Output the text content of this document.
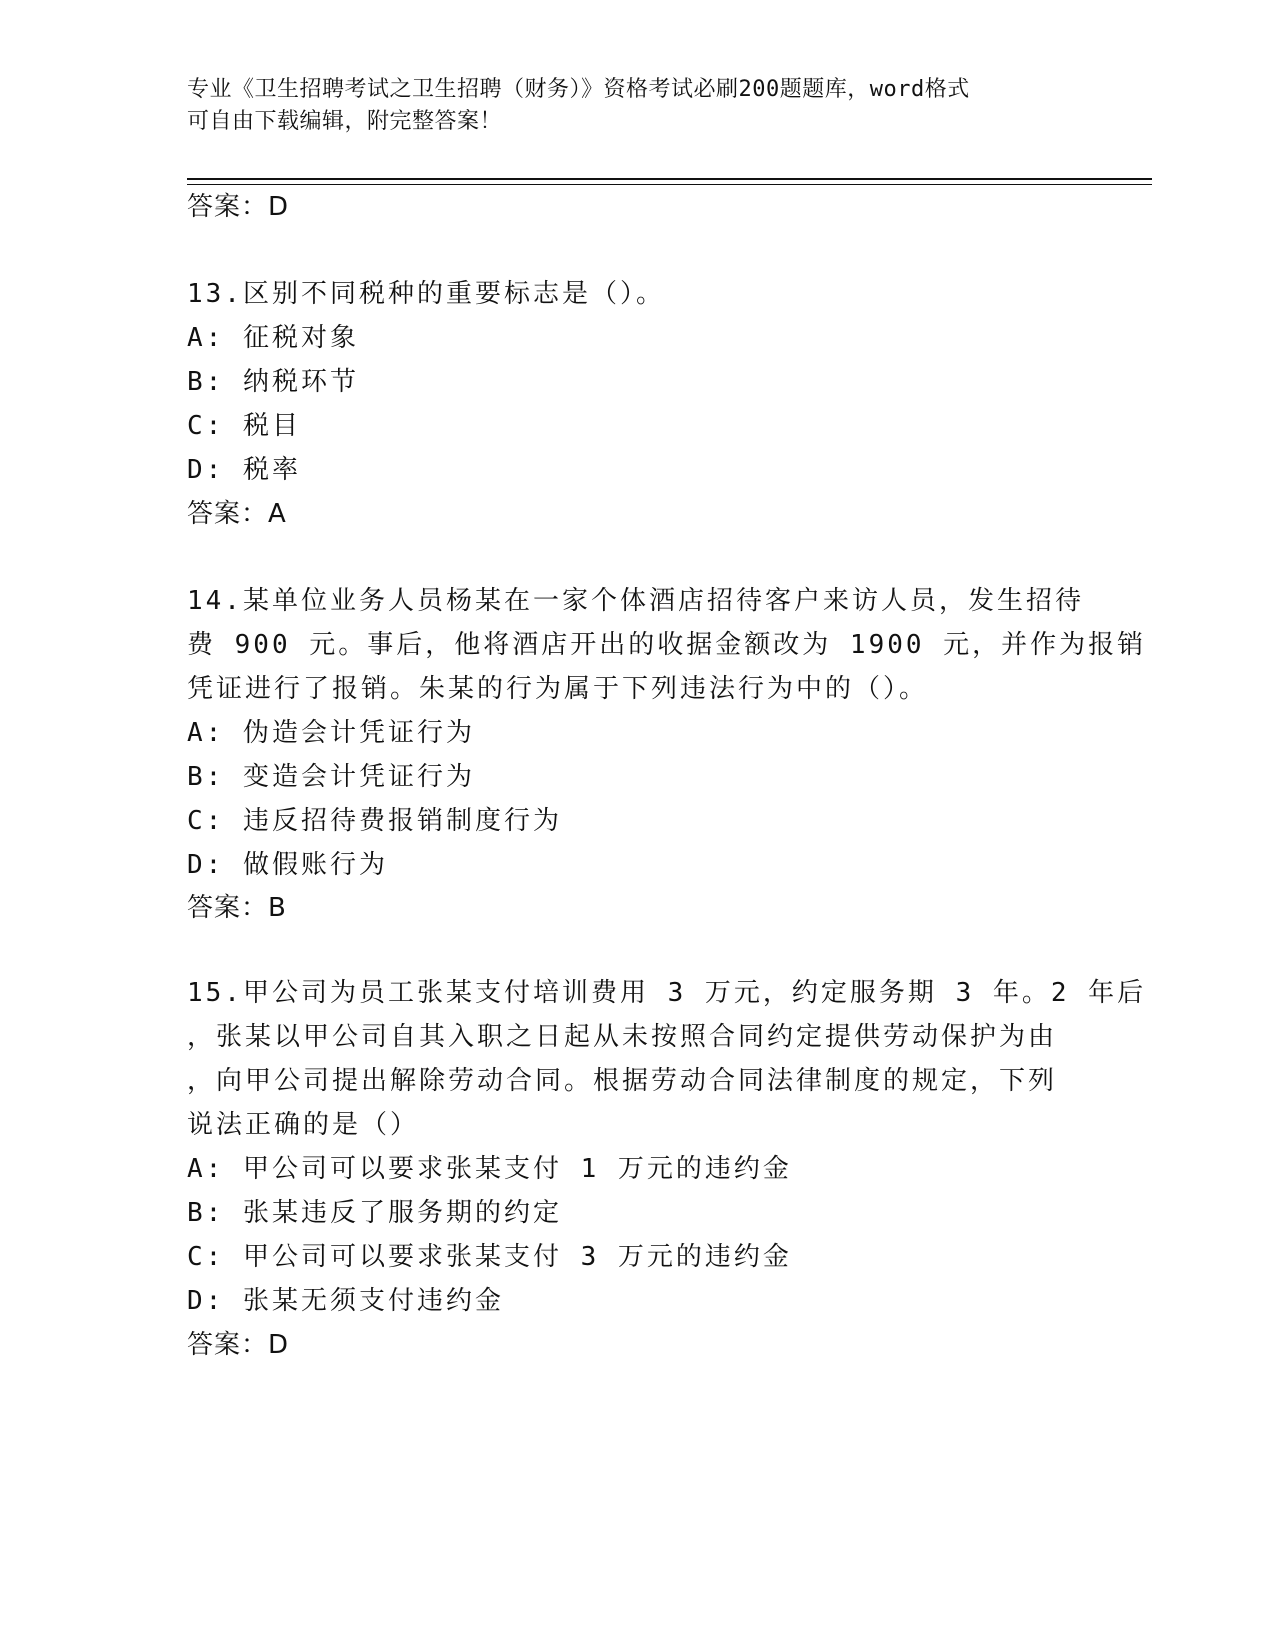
专业《卫生招聘考试之卫生招聘（财务）》资格考试必刷200题题库，word格式
可自由下载编辑，附完整答案！
答案：D
13.区别不同税种的重要标志是（）。
A: 征税对象
B: 纳税环节
C: 税目
D: 税率
答案：A
14.某单位业务人员杨某在一家个体酒店招待客户来访人员，发生招待
费 900 元。事后，他将酒店开出的收据金额改为 1900 元，并作为报销
凭证进行了报销。朱某的行为属于下列违法行为中的（）。
A: 伪造会计凭证行为
B: 变造会计凭证行为
C: 违反招待费报销制度行为
D: 做假账行为
答案：B
15.甲公司为员工张某支付培训费用 3 万元，约定服务期 3 年。2 年后
，张某以甲公司自其入职之日起从未按照合同约定提供劳动保护为由
，向甲公司提出解除劳动合同。根据劳动合同法律制度的规定，下列
说法正确的是（）
A: 甲公司可以要求张某支付 1 万元的违约金
B: 张某违反了服务期的约定
C: 甲公司可以要求张某支付 3 万元的违约金
D: 张某无须支付违约金
答案：D
